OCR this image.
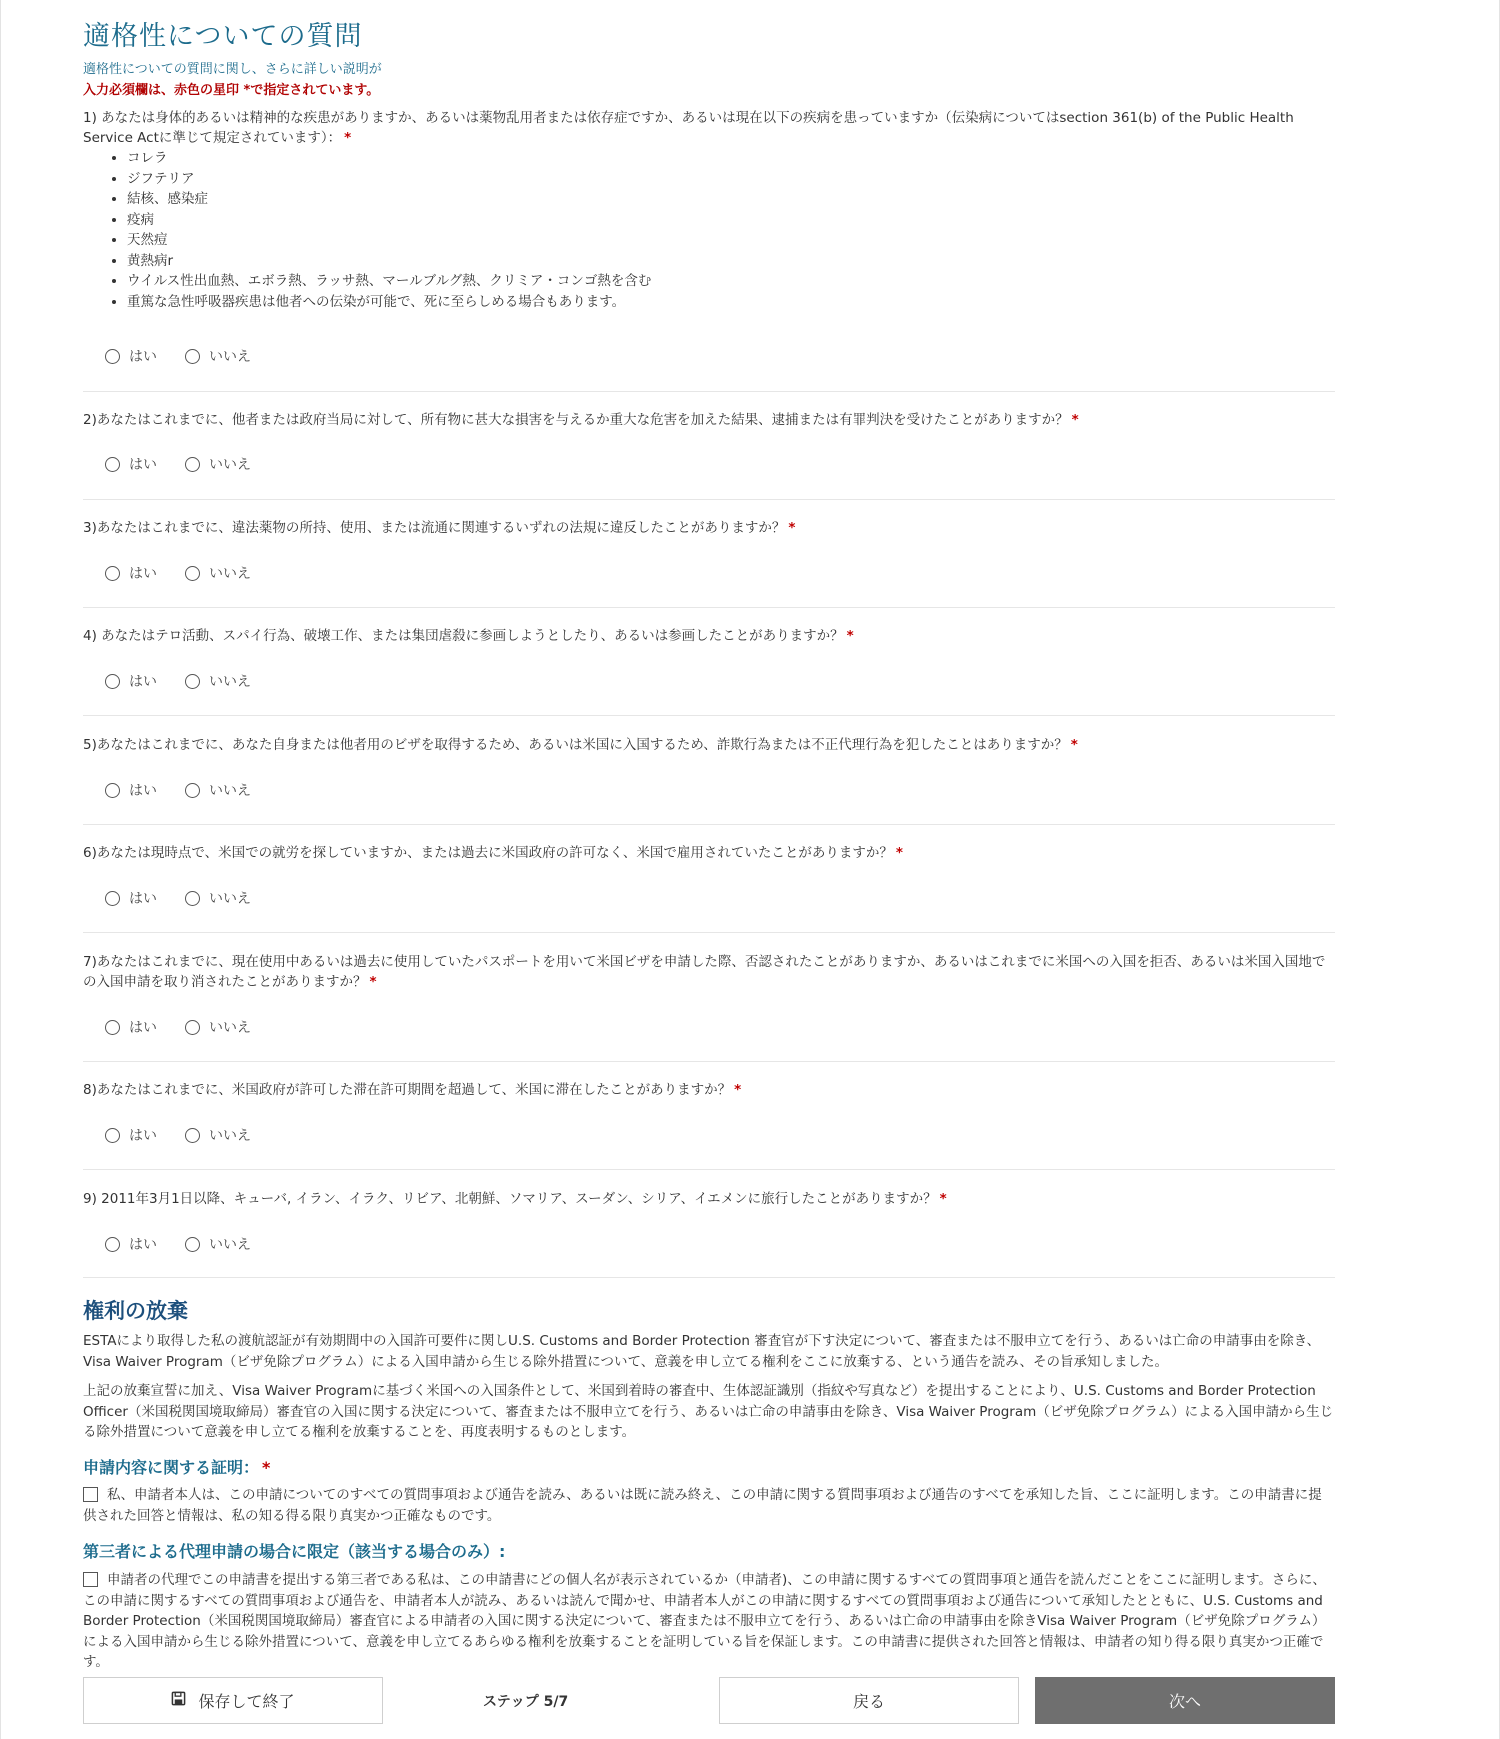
適格性についての質問
適格性についての質問に関し、さらに詳しい説明が
入力必須欄は、赤色の星印 *で指定されています。
1) あなたは身体的あるいは精神的な疾患がありますか、あるいは薬物乱用者または依存症ですか、あるいは現在以下の疾病を患っていますか（伝染病についてはsection 361(b) of the Public Health Service Actに準じて規定されています）： *
• コレラ
• ジフテリア
• 結核、感染症
• 疫病
• 天然痘
• 黄熱病r
• ウイルス性出血熱、エボラ熱、ラッサ熱、マールブルグ熱、クリミア・コンゴ熱を含む
• 重篤な急性呼吸器疾患は他者への伝染が可能で、死に至らしめる場合もあります。
はい	いいえ
2)あなたはこれまでに、他者または政府当局に対して、所有物に甚大な損害を与えるか重大な危害を加えた結果、逮捕または有罪判決を受けたことがありますか？ *
はい	いいえ
3)あなたはこれまでに、違法薬物の所持、使用、または流通に関連するいずれの法規に違反したことがありますか？ *
はい	いいえ
4) あなたはテロ活動、スパイ行為、破壊工作、または集団虐殺に参画しようとしたり、あるいは参画したことがありますか？ *
はい	いいえ
5)あなたはこれまでに、あなた自身または他者用のビザを取得するため、あるいは米国に入国するため、詐欺行為または不正代理行為を犯したことはありますか？ *
はい	いいえ
6)あなたは現時点で、米国での就労を探していますか、または過去に米国政府の許可なく、米国で雇用されていたことがありますか？ *
はい	いいえ
7)あなたはこれまでに、現在使用中あるいは過去に使用していたパスポートを用いて米国ビザを申請した際、否認されたことがありますか、あるいはこれまでに米国への入国を拒否、あるいは米国入国地での入国申請を取り消されたことがありますか？ *
はい	いいえ
8)あなたはこれまでに、米国政府が許可した滞在許可期間を超過して、米国に滞在したことがありますか？ *
はい	いいえ
9) 2011年3月1日以降、キューバ, イラン、イラク、リビア、北朝鮮、ソマリア、スーダン、シリア、イエメンに旅行したことがありますか？ *
はい	いいえ
権利の放棄
ESTAにより取得した私の渡航認証が有効期間中の入国許可要件に関しU.S. Customs and Border Protection 審査官が下す決定について、審査または不服申立てを行う、あるいは亡命の申請事由を除き、Visa Waiver Program（ビザ免除プログラム）による入国申請から生じる除外措置について、意義を申し立てる権利をここに放棄する、という通告を読み、その旨承知しました。
上記の放棄宣誓に加え、Visa Waiver Programに基づく米国への入国条件として、米国到着時の審査中、生体認証識別（指紋や写真など）を提出することにより、U.S. Customs and Border Protection Officer（米国税関国境取締局）審査官の入国に関する決定について、審査または不服申立てを行う、あるいは亡命の申請事由を除き、Visa Waiver Program（ビザ免除プログラム）による入国申請から生じる除外措置について意義を申し立てる権利を放棄することを、再度表明するものとします。
申請内容に関する証明： *
私、申請者本人は、この申請についてのすべての質問事項および通告を読み、あるいは既に読み終え、この申請に関する質問事項および通告のすべてを承知した旨、ここに証明します。この申請書に提供された回答と情報は、私の知る得る限り真実かつ正確なものです。
第三者による代理申請の場合に限定（該当する場合のみ）:
申請者の代理でこの申請書を提出する第三者である私は、この申請書にどの個人名が表示されているか（申請者)、この申請に関するすべての質問事項と通告を読んだことをここに証明します。さらに、この申請に関するすべての質問事項および通告を、申請者本人が読み、あるいは読んで聞かせ、申請者本人がこの申請に関するすべての質問事項および通告について承知したとともに、U.S. Customs and Border Protection（米国税関国境取締局）審査官による申請者の入国に関する決定について、審査または不服申立てを行う、あるいは亡命の申請事由を除きVisa Waiver Program（ビザ免除プログラム）による入国申請から生じる除外措置について、意義を申し立てるあらゆる権利を放棄することを証明している旨を保証します。この申請書に提供された回答と情報は、申請者の知り得る限り真実かつ正確です。
保存して終了	ステップ 5/7	戻る	次へ
